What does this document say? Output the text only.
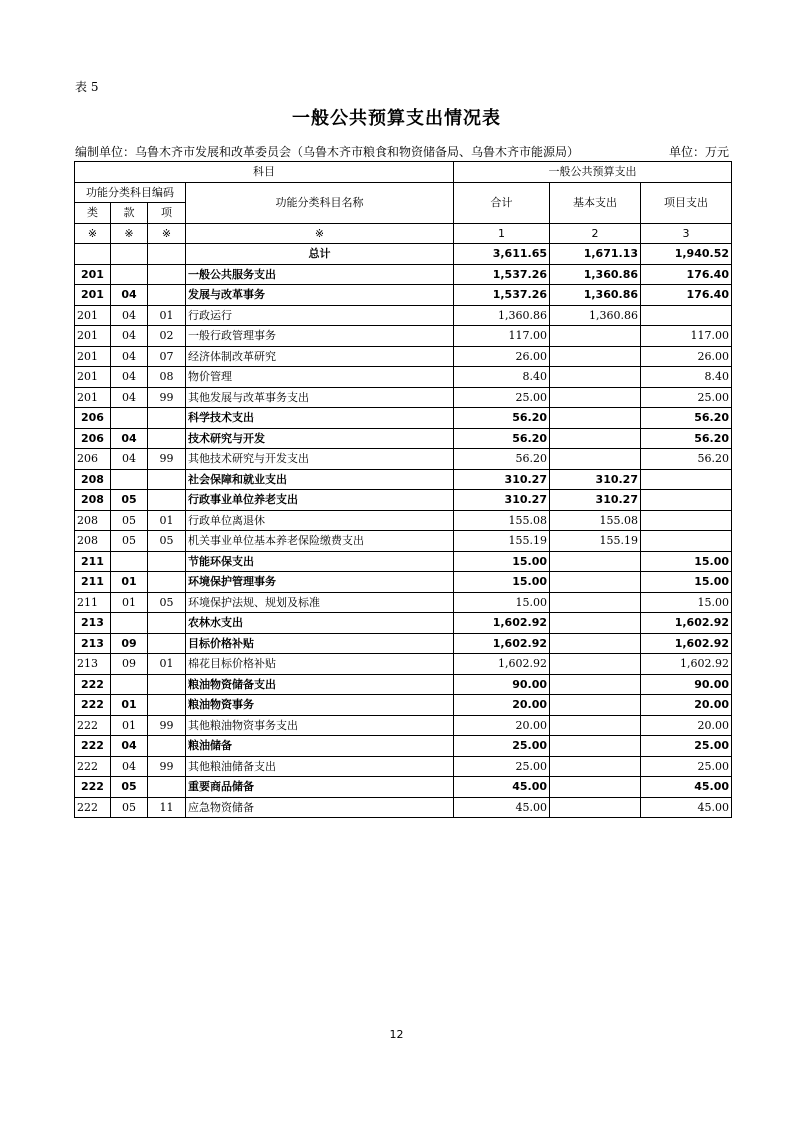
表 5
一般公共预算支出情况表
编制单位：乌鲁木齐市发展和改革委员会（乌鲁木齐市粮食和物资储备局、乌鲁木齐市能源局）	单位：万元
科目				一般公共预算支出		
功能分类科目编码			功能分类科目名称	合计	基本支出	项目支出
类	款	项				
※	※	※	※	1	2	3
			总计	3,611.65	1,671.13	1,940.52
201			一般公共服务支出	1,537.26	1,360.86	176.40
201	04		发展与改革事务	1,537.26	1,360.86	176.40
201	04	01	行政运行	1,360.86	1,360.86	
201	04	02	一般行政管理事务	117.00		117.00
201	04	07	经济体制改革研究	26.00		26.00
201	04	08	物价管理	8.40		8.40
201	04	99	其他发展与改革事务支出	25.00		25.00
206			科学技术支出	56.20		56.20
206	04		技术研究与开发	56.20		56.20
206	04	99	其他技术研究与开发支出	56.20		56.20
208			社会保障和就业支出	310.27	310.27	
208	05		行政事业单位养老支出	310.27	310.27	
208	05	01	行政单位离退休	155.08	155.08	
208	05	05	机关事业单位基本养老保险缴费支出	155.19	155.19	
211			节能环保支出	15.00		15.00
211	01		环境保护管理事务	15.00		15.00
211	01	05	环境保护法规、规划及标准	15.00		15.00
213			农林水支出	1,602.92		1,602.92
213	09		目标价格补贴	1,602.92		1,602.92
213	09	01	棉花目标价格补贴	1,602.92		1,602.92
222			粮油物资储备支出	90.00		90.00
222	01		粮油物资事务	20.00		20.00
222	01	99	其他粮油物资事务支出	20.00		20.00
222	04		粮油储备	25.00		25.00
222	04	99	其他粮油储备支出	25.00		25.00
222	05		重要商品储备	45.00		45.00
222	05	11	应急物资储备	45.00		45.00
12
